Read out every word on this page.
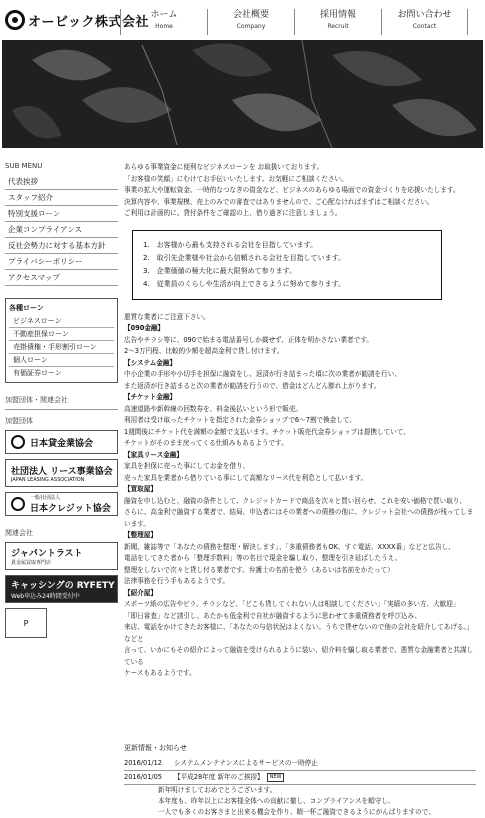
オービック株式会社 ホーム
Home
会社概要
Company
採用情報
Recruit
お問い合わせ
Contact
SUB MENU
代表挨拶
スタッフ紹介
特別支援ローン
企業コンプライアンス
反社会勢力に対する基本方針
プライバシーポリシー
アクセスマップ
各種ローン
ビジネスローン
不動産担保ローン
売掛債権・手形割引ローン
個人ローン
有価証券ローン
加盟団体・関連会社
加盟団体
日本貸金業協会
社団法人 リース事業協会
JAPAN LEASING ASSOCIATION
一般社団法人
日本クレジット協会
関連会社
ジャパントラスト
貴金属買取専門店
キャッシングの RYFETY
Web申込み24時間受付中
P

あらゆる事業資金に便利なビジネスローンを お取扱いております。

「お客様の笑顔」にむけてお手伝いいたします。お気軽にご相談ください。

事業の拡大や運転資金、一時的なつなぎの資金など、ビジネスのあらゆる場面での資金づくりを応援いたします。

決算内容や、事業規模、売上のみでの審査ではありませんので、ご心配なければまずはご相談ください。

ご利用は計画的に。貸付条件をご確認の上、借り過ぎに注意しましょう。

1.　お客様から最も支持される会社を目指しています。

2.　取引先企業様や社会から信頼される会社を目指しています。

3.　企業価値の極大化に最大限努めて参ります。

4.　従業員のくらしや生活が向上できるように努めて参ります。

悪質な業者にご注意下さい。

【090金融】

広告やチラシ等に、090で始まる電話番号しか載せず、正体を明かさない業者です。

2～3万円程、比較的少額を超高金利で貸し付けます。

【システム金融】

中小企業の手形や小切手を担保に融資をし、返済が行き詰まった頃に次の業者が勧誘を行い、

また返済が行き詰まると次の業者が勧誘を行うので、借金はどんどん膨れ上がります。

【チケット金融】

高速道路や新幹線の回数券を、料金後払いという形で販売。

利用者は受け取ったチケットを指定された金券ショップで6～7割で換金して、

1週間後にチケット代を満額の金額で支払います。チケット販売代金券ショップは提携していて、

チケットがそのまま戻ってくる仕組みもあるようです。

【家具リース金融】

家具を担保に売った事にしてお金を借り、

売った家具を業者から借りている事にして高額なリース代を利息として払います。

【買取屋】

融資を申し込むと、融資の条件として、クレジットカードで商品を次々と買い回らせ、これを安い価格で買い取り、

さらに、高金利で融資する業者で、結局、申込者にはその業者への債務の他に、クレジット会社への債務が残ってしまいます。

【整理屋】

新聞、雑誌等で「あなたの債務を整理・解決します」、「多重債務者もOK、すぐ電話、XXXX番」などと広告し、

電話をしてきた者から「整理手数料」等の名目で現金を騙し取り、整理を引き延ばしたうえ、

整理をしないで次々と貸し付る業者です。弁護士の名前を使う（あるいは名前をかたって）

法律事務を行う手もあるようです。

【紹介屋】

スポーツ紙の広告やビラ、チラシなど、「どこも貸してくれない人は相談してください」「実績の多い方、大歓迎」

「即日審査」など誘引し、あたかも低金利で自社が融資するように思わせて多重債務者を呼び込み、

来店、電話をかけてきたお客様に、「あなたの与信状況はよくない。うちで貸せないので他の会社を紹介してあげる。」などと

言って、いかにもその紹介によって融資を受けられるように装い、紹介料を騙し取る業者で、悪質な金融業者と共謀している

ケースもあるようです。

更新情報・お知らせ
2016/01/12	システムメンテナンスによるサービスの一時停止
2016/01/05	【平成28年度 新年のご挨拶】	NEW

新年明けましておめでとうございます。

本年度も、昨年以上にお客様全体への貢献に徹し、コンプライアンスを順守し、

一人でも多くのお客さまと出来る機会を作り、精一杯ご融資できるようにがんばりますので、
